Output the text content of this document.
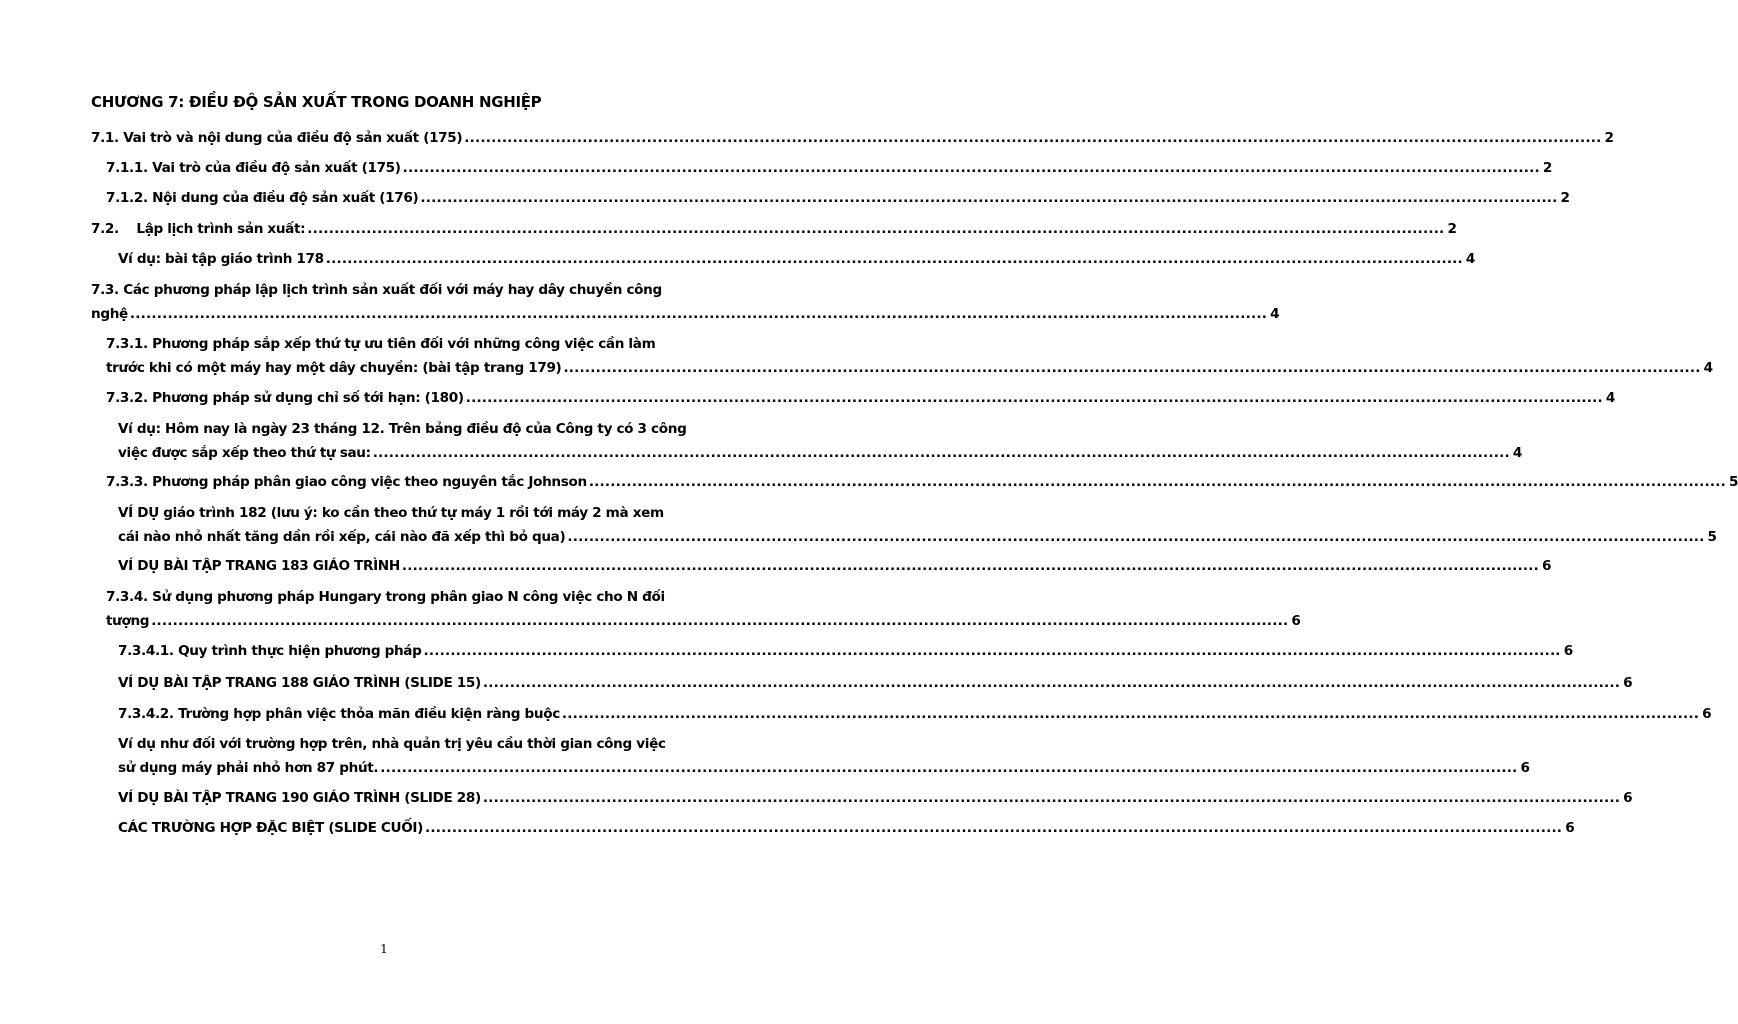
CHƯƠNG 7: ĐIỀU ĐỘ SẢN XUẤT TRONG DOANH NGHIỆP
7.1. Vai trò và nội dung của điều độ sản xuất (175) .....	2
7.1.1. Vai trò của điều độ sản xuất (175) .....	2
7.1.2. Nội dung của điều độ sản xuất (176) .....	2
7.2.    Lập lịch trình sản xuất: .....	2
Ví dụ: bài tập giáo trình 178 .....	4
7.3. Các phương pháp lập lịch trình sản xuất đối với máy hay dây chuyền công
nghệ .....	4
7.3.1. Phương pháp sắp xếp thứ tự ưu tiên đối với những công việc cần làm
trước khi có một máy hay một dây chuyền: (bài tập trang 179) .....	4
7.3.2. Phương pháp sử dụng chỉ số tới hạn: (180) .....	4
Ví dụ: Hôm nay là ngày 23 tháng 12. Trên bảng điều độ của Công ty có 3 công
việc được sắp xếp theo thứ tự sau: .....	4
7.3.3. Phương pháp phân giao công việc theo nguyên tắc Johnson .....	5
VÍ DỤ giáo trình 182 (lưu ý: ko cần theo thứ tự máy 1 rồi tới máy 2 mà xem
cái nào nhỏ nhất tăng dần rồi xếp, cái nào đã xếp thì bỏ qua) .....	5
VÍ DỤ BÀI TẬP TRANG 183 GIÁO TRÌNH .....	6
7.3.4. Sử dụng phương pháp Hungary trong phân giao N công việc cho N đối
tượng .....	6
7.3.4.1. Quy trình thực hiện phương pháp .....	6
VÍ DỤ BÀI TẬP TRANG 188 GIÁO TRÌNH (SLIDE 15) .....	6
7.3.4.2. Trường hợp phân việc thỏa mãn điều kiện ràng buộc .....	6
Ví dụ như đối với trường hợp trên, nhà quản trị yêu cầu thời gian công việc
sử dụng máy phải nhỏ hơn 87 phút. .....	6
VÍ DỤ BÀI TẬP TRANG 190 GIÁO TRÌNH (SLIDE 28) .....	6
CÁC TRƯỜNG HỢP ĐẶC BIỆT (SLIDE CUỐI) .....	6
1
